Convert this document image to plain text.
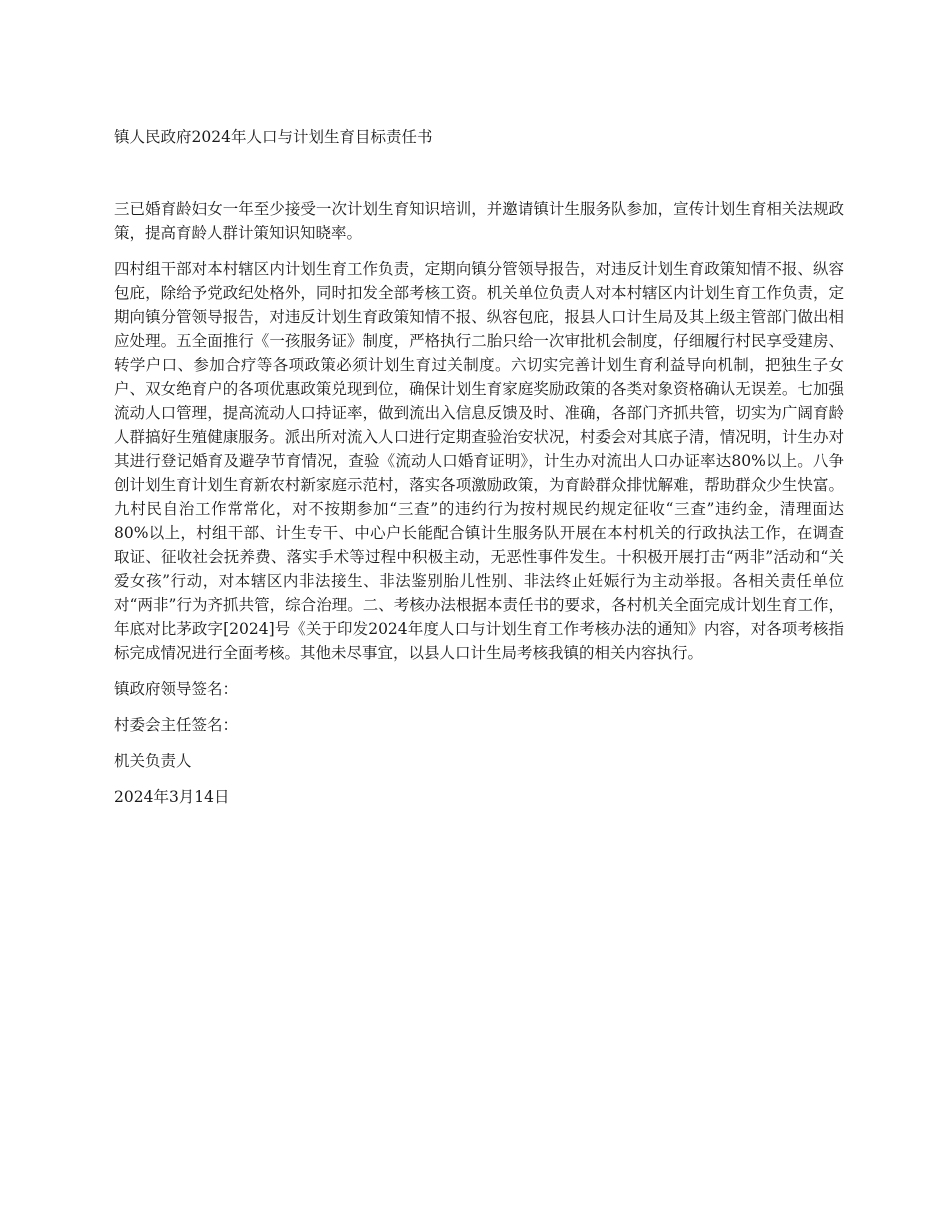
镇人民政府2024年人口与计划生育目标责任书

三已婚育龄妇女一年至少接受一次计划生育知识培训，并邀请镇计生服务队参加，宣传计划生育相关法规政策，提高育龄人群计策知识知晓率。

四村组干部对本村辖区内计划生育工作负责，定期向镇分管领导报告，对违反计划生育政策知情不报、纵容包庇，除给予党政纪处格外，同时扣发全部考核工资。机关单位负责人对本村辖区内计划生育工作负责，定期向镇分管领导报告，对违反计划生育政策知情不报、纵容包庇，报县人口计生局及其上级主管部门做出相应处理。五全面推行《一孩服务证》制度，严格执行二胎只给一次审批机会制度，仔细履行村民享受建房、转学户口、参加合疗等各项政策必须计划生育过关制度。六切实完善计划生育利益导向机制，把独生子女户、双女绝育户的各项优惠政策兑现到位，确保计划生育家庭奖励政策的各类对象资格确认无误差。七加强流动人口管理，提高流动人口持证率，做到流出入信息反馈及时、准确，各部门齐抓共管，切实为广阔育龄人群搞好生殖健康服务。派出所对流入人口进行定期查验治安状况，村委会对其底子清，情况明，计生办对其进行登记婚育及避孕节育情况，查验《流动人口婚育证明》，计生办对流出人口办证率达80%以上。八争创计划生育计划生育新农村新家庭示范村，落实各项激励政策，为育龄群众排忧解难，帮助群众少生快富。九村民自治工作常常化，对不按期参加“三查”的违约行为按村规民约规定征收“三查”违约金，清理面达80%以上，村组干部、计生专干、中心户长能配合镇计生服务队开展在本村机关的行政执法工作，在调查取证、征收社会抚养费、落实手术等过程中积极主动，无恶性事件发生。十积极开展打击“两非”活动和“关爱女孩”行动，对本辖区内非法接生、非法鉴别胎儿性别、非法终止妊娠行为主动举报。各相关责任单位对“两非”行为齐抓共管，综合治理。二、考核办法根据本责任书的要求，各村机关全面完成计划生育工作，年底对比茅政字[2024]号《关于印发2024年度人口与计划生育工作考核办法的通知》内容，对各项考核指标完成情况进行全面考核。其他未尽事宜，以县人口计生局考核我镇的相关内容执行。

镇政府领导签名：

村委会主任签名：

机关负责人

2024年3月14日
